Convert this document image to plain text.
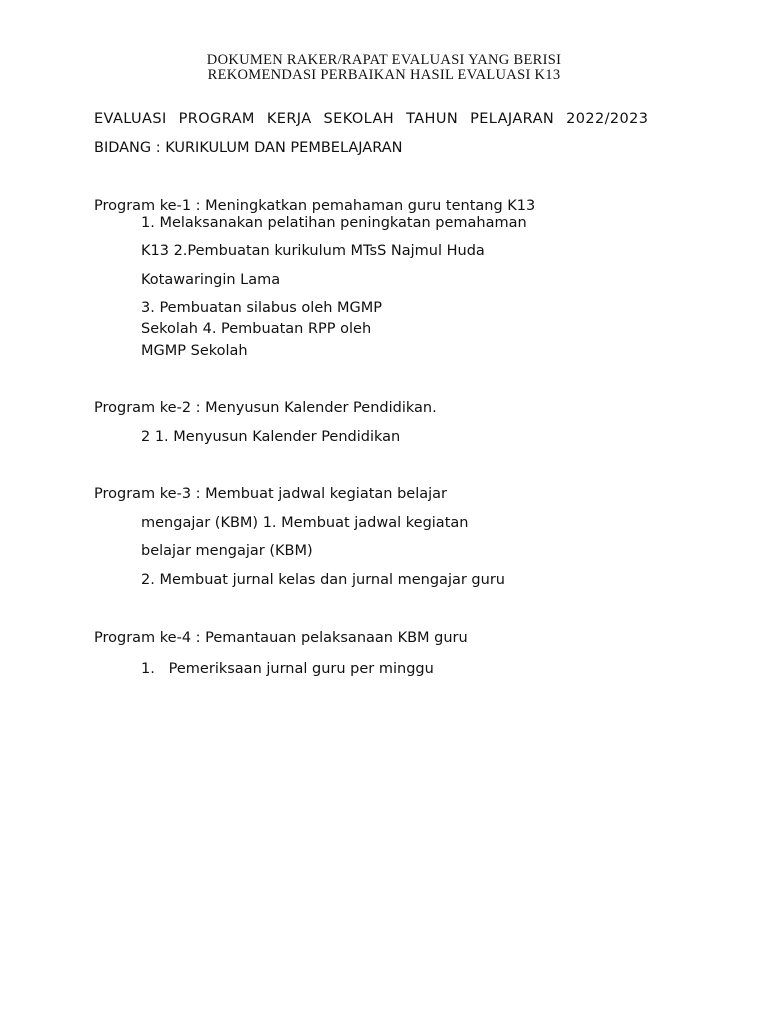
DOKUMEN RAKER/RAPAT EVALUASI YANG BERISI
REKOMENDASI PERBAIKAN HASIL EVALUASI K13
EVALUASI PROGRAM KERJA SEKOLAH TAHUN PELAJARAN 2022/2023
BIDANG : KURIKULUM DAN PEMBELAJARAN
Program ke-1 : Meningkatkan pemahaman guru tentang K13
1. Melaksanakan pelatihan peningkatan pemahaman
K13 2.Pembuatan kurikulum MTsS Najmul Huda
Kotawaringin Lama
3. Pembuatan silabus oleh MGMP
Sekolah 4. Pembuatan RPP oleh
MGMP Sekolah
Program ke-2 : Menyusun Kalender Pendidikan.
2 1. Menyusun Kalender Pendidikan
Program ke-3 : Membuat jadwal kegiatan belajar
mengajar (KBM) 1. Membuat jadwal kegiatan
belajar mengajar (KBM)
2. Membuat jurnal kelas dan jurnal mengajar guru
Program ke-4 : Pemantauan pelaksanaan KBM guru
1.   Pemeriksaan jurnal guru per minggu
